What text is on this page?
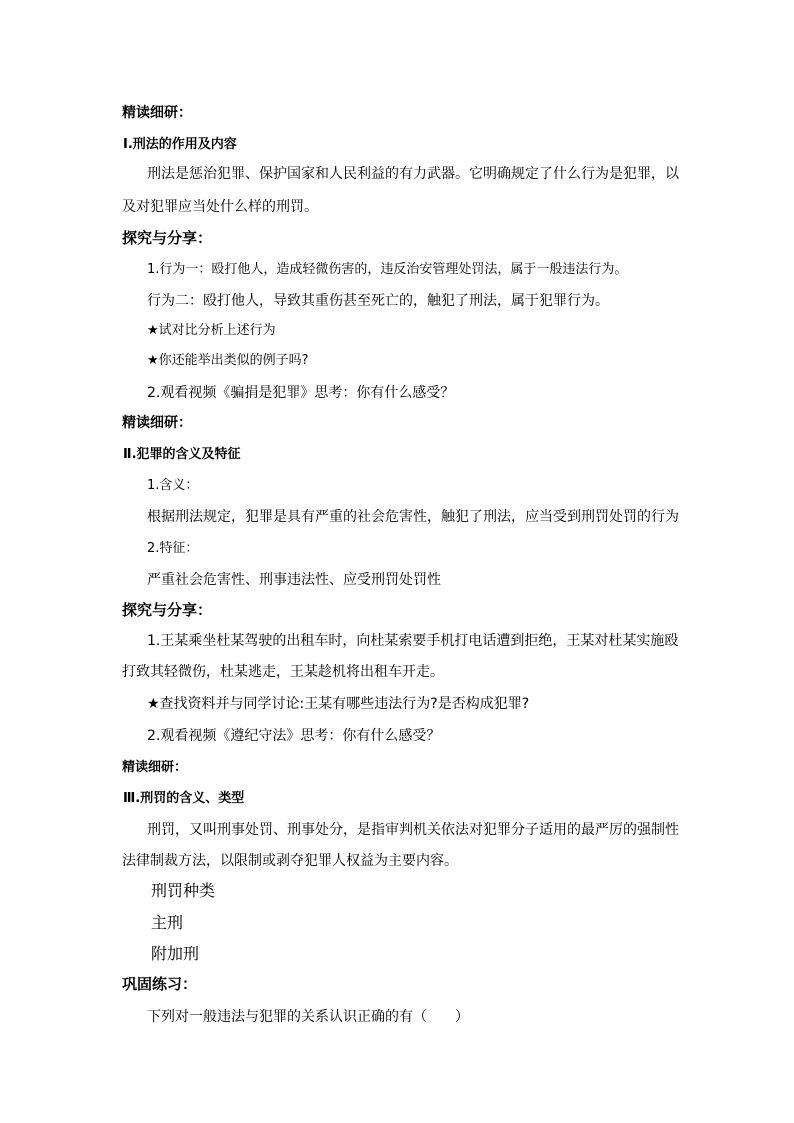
精读细研：
Ⅰ.刑法的作用及内容
刑法是惩治犯罪、保护国家和人民利益的有力武器。它明确规定了什么行为是犯罪，以
及对犯罪应当处什么样的刑罚。
探究与分享：
1.行为一：殴打他人，造成轻微伤害的，违反治安管理处罚法，属于一般违法行为。
行为二：殴打他人，导致其重伤甚至死亡的，触犯了刑法，属于犯罪行为。
★试对比分析上述行为
★你还能举出类似的例子吗?
2.观看视频《骗捐是犯罪》思考：你有什么感受？
精读细研：
Ⅱ.犯罪的含义及特征
1.含义：
根据刑法规定，犯罪是具有严重的社会危害性，触犯了刑法，应当受到刑罚处罚的行为
2.特征：
严重社会危害性、刑事违法性、应受刑罚处罚性
探究与分享：
1.王某乘坐杜某驾驶的出租车时，向杜某索要手机打电话遭到拒绝，王某对杜某实施殴
打致其轻微伤，杜某逃走，王某趁机将出租车开走。
★查找资料并与同学讨论:王某有哪些违法行为?是否构成犯罪?
2.观看视频《遵纪守法》思考：你有什么感受？
精读细研：
Ⅲ.刑罚的含义、类型
刑罚，又叫刑事处罚、刑事处分，是指审判机关依法对犯罪分子适用的最严厉的强制性
法律制裁方法，以限制或剥夺犯罪人权益为主要内容。
刑罚种类
主刑
附加刑
巩固练习：
下列对一般违法与犯罪的关系认识正确的有（　　）
